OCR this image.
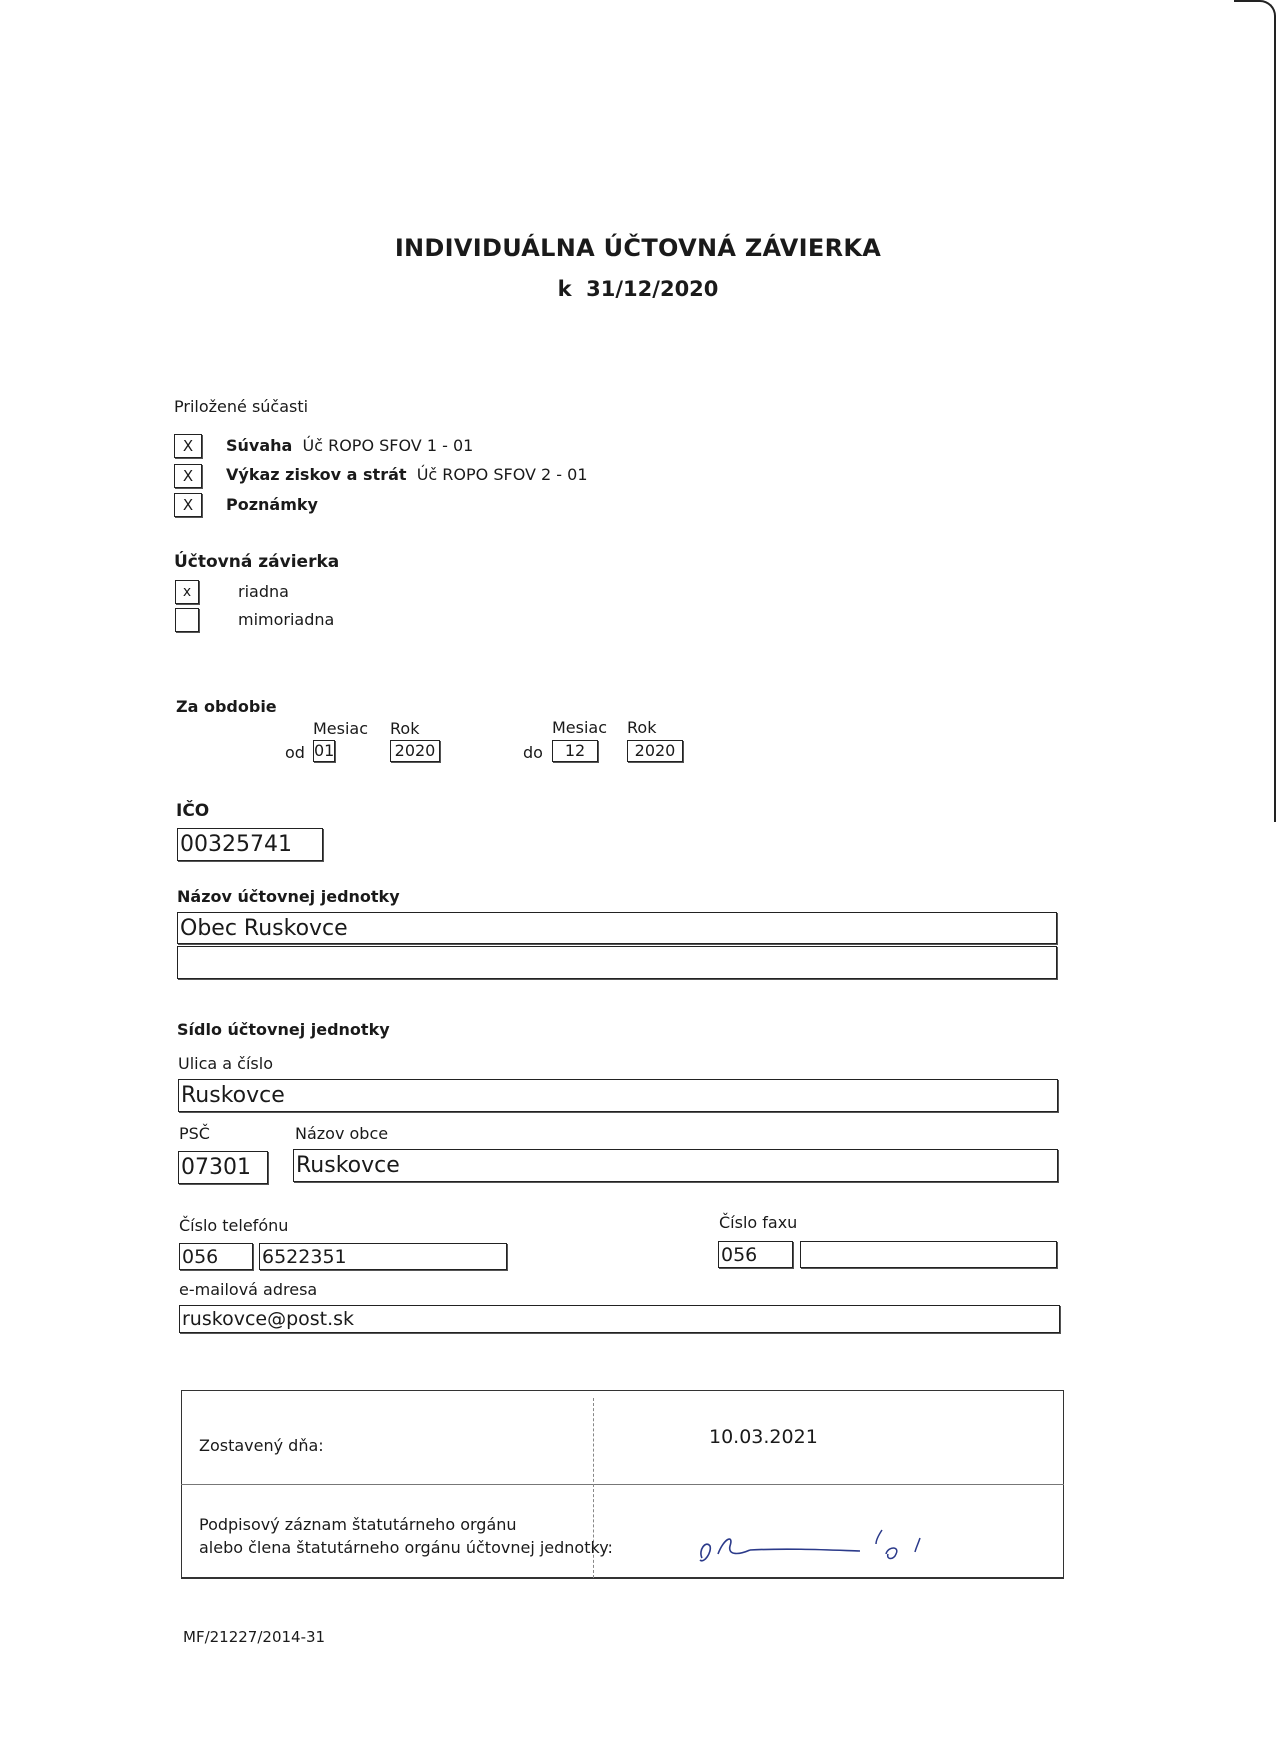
INDIVIDUÁLNA ÚČTOVNÁ ZÁVIERKA
k  31/12/2020
Priložené súčasti
X	Súvaha Úč ROPO SFOV 1 - 01
X	Výkaz ziskov a strát Úč ROPO SFOV 2 - 01
X	Poznámky
Účtovná závierka
x	riadna
mimoriadna
Za obdobie
Mesiac Rok	Mesiac Rok
od 01	2020	do	12	2020
IČO
00325741
Názov účtovnej jednotky
Obec Ruskovce
Sídlo účtovnej jednotky
Ulica a číslo
Ruskovce
PSČ	Názov obce
07301	Ruskovce
Číslo telefónu	Číslo faxu
056	6522351	056
e-mailová adresa
ruskovce@post.sk
Zostavený dňa:	10.03.2021
Podpisový záznam štatutárneho orgánu
alebo člena štatutárneho orgánu účtovnej jednotky:
MF/21227/2014-31
